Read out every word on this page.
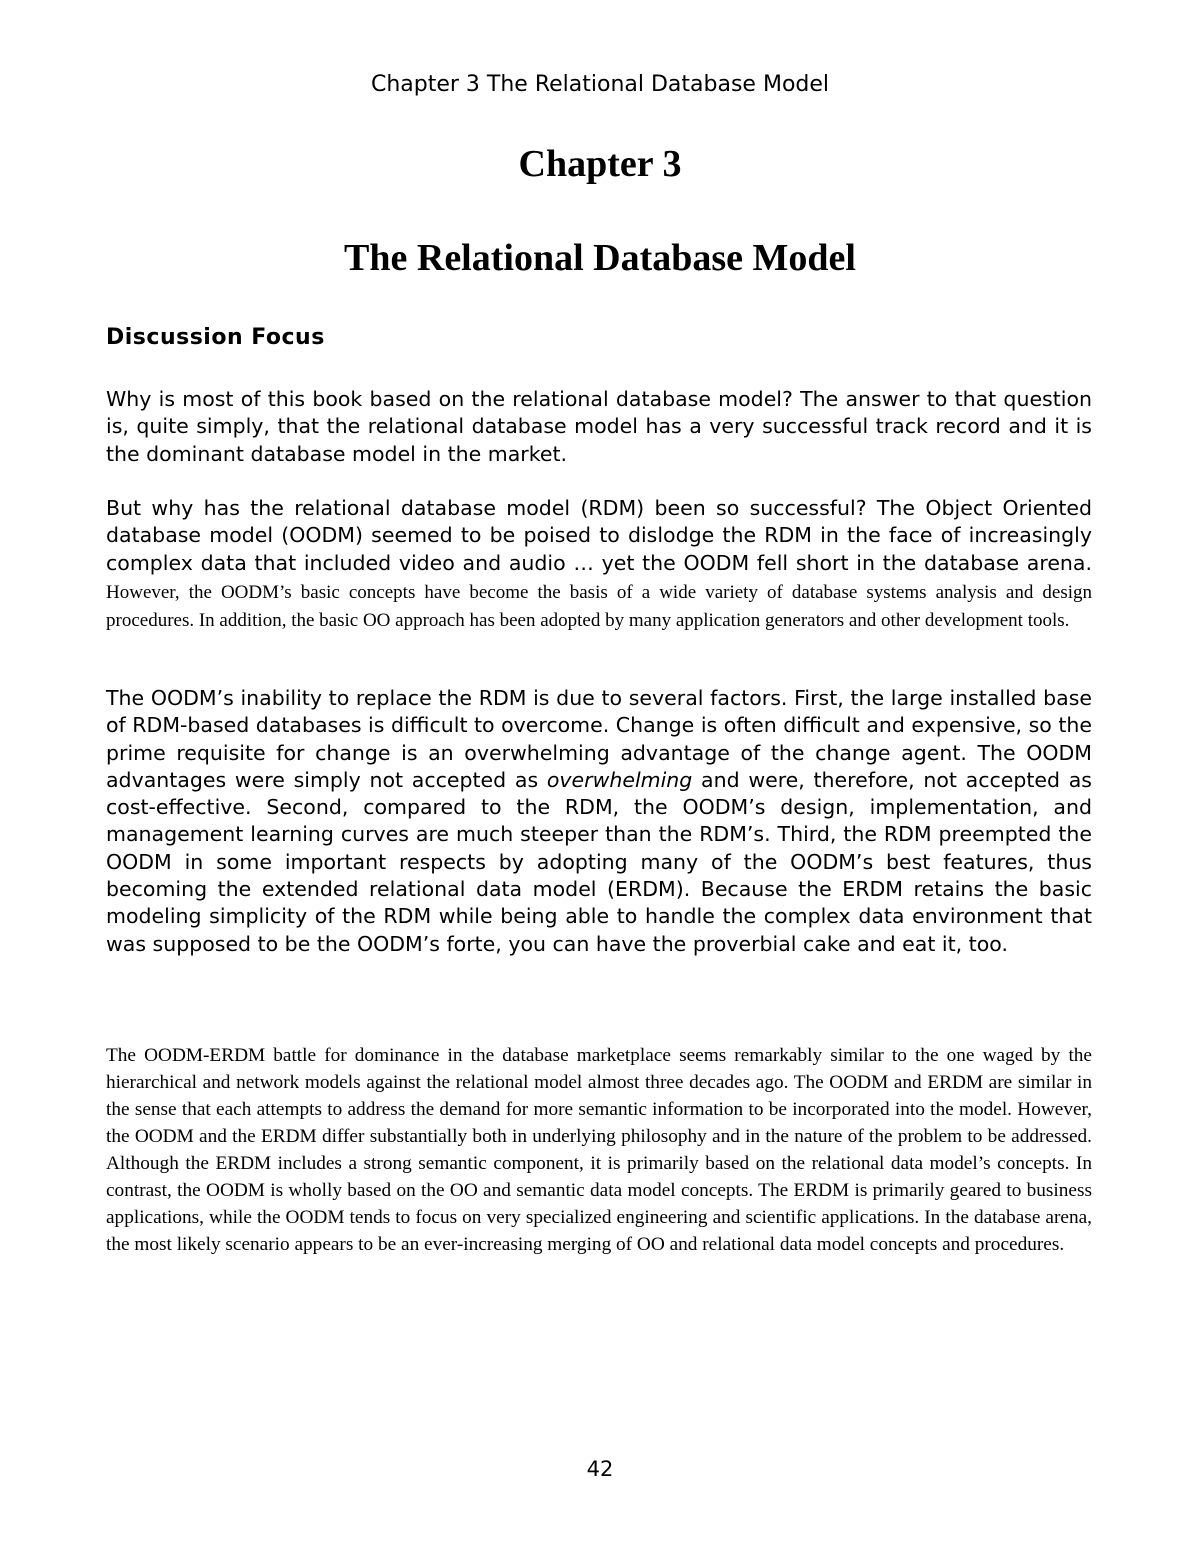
Chapter 3 The Relational Database Model
Chapter 3
The Relational Database Model
Discussion Focus

Why is most of this book based on the relational database model? The answer to that question is, quite simply, that the relational database model has a very successful track record and it is the dominant database model in the market.

But why has the relational database model (RDM) been so successful? The Object Oriented database model (OODM) seemed to be poised to dislodge the RDM in the face of increasingly complex data that included video and audio … yet the OODM fell short in the database arena. However, the OODM’s basic concepts have become the basis of a wide variety of database systems analysis and design procedures. In addition, the basic OO approach has been adopted by many application generators and other development tools.

The OODM’s inability to replace the RDM is due to several factors. First, the large installed base of RDM-based databases is difficult to overcome. Change is often difficult and expensive, so the prime requisite for change is an overwhelming advantage of the change agent. The OODM advantages were simply not accepted as overwhelming and were, therefore, not accepted as cost-effective. Second, compared to the RDM, the OODM’s design, implementation, and management learning curves are much steeper than the RDM’s. Third, the RDM preempted the OODM in some important respects by adopting many of the OODM’s best features, thus becoming the extended relational data model (ERDM). Because the ERDM retains the basic modeling simplicity of the RDM while being able to handle the complex data environment that was supposed to be the OODM’s forte, you can have the proverbial cake and eat it, too.

The OODM-ERDM battle for dominance in the database marketplace seems remarkably similar to the one waged by the hierarchical and network models against the relational model almost three decades ago. The OODM and ERDM are similar in the sense that each attempts to address the demand for more semantic information to be incorporated into the model. However, the OODM and the ERDM differ substantially both in underlying philosophy and in the nature of the problem to be addressed. Although the ERDM includes a strong semantic component, it is primarily based on the relational data model’s concepts. In contrast, the OODM is wholly based on the OO and semantic data model concepts. The ERDM is primarily geared to business applications, while the OODM tends to focus on very specialized engineering and scientific applications. In the database arena, the most likely scenario appears to be an ever-increasing merging of OO and relational data model concepts and procedures.

42
